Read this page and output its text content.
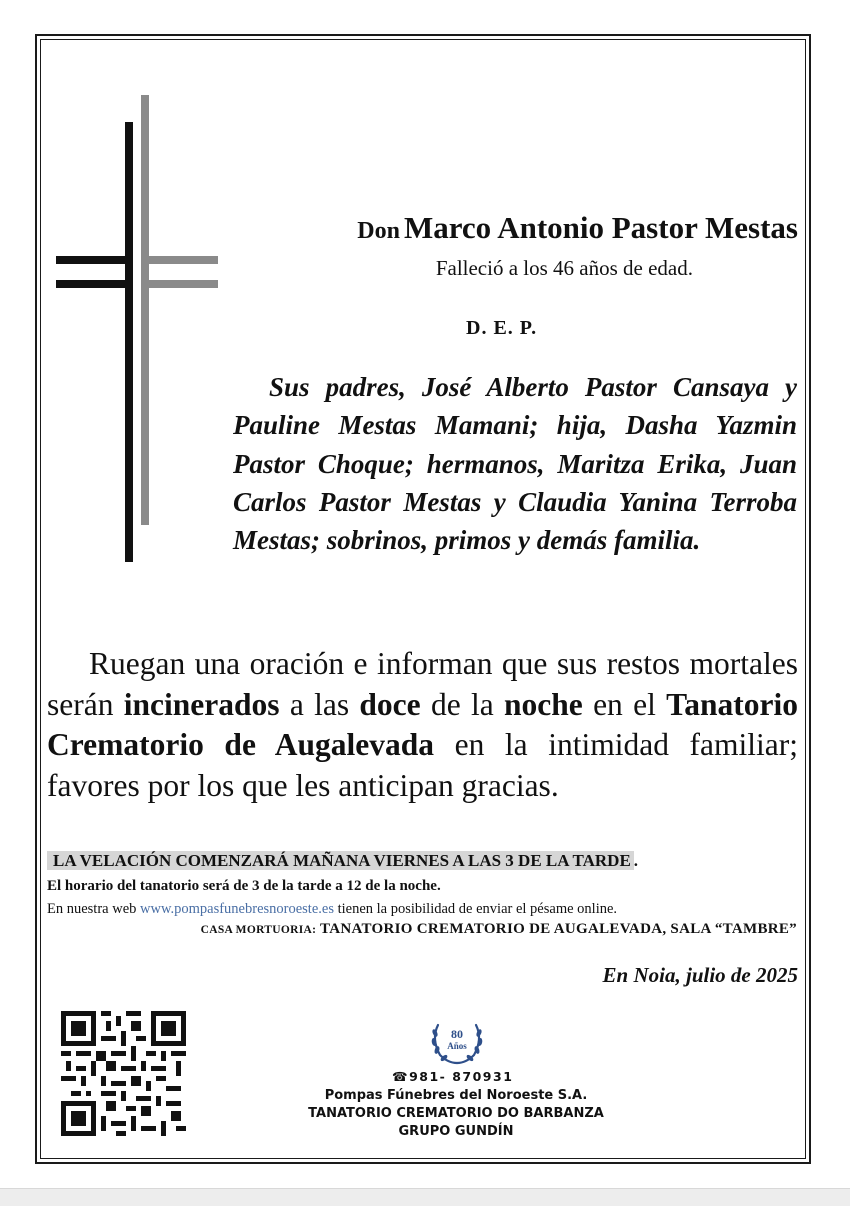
Don Marco Antonio Pastor Mestas
Falleció a los 46 años de edad.
D. E. P.

Sus padres, José Alberto Pastor Cansaya y Pauline Mestas Mamani; hija, Dasha Yazmin Pastor Choque; hermanos, Maritza Erika, Juan Carlos Pastor Mestas y Claudia Yanina Terroba Mestas; sobrinos, primos y demás familia.

Ruegan una oración e informan que sus restos mortales serán incinerados a las doce de la noche en el Tanatorio Crematorio de Augalevada en la intimidad familiar; favores por los que les anticipan gracias.

LA VELACIÓN COMENZARÁ MAÑANA VIERNES A LAS 3 DE LA TARDE .
El horario del tanatorio será de 3 de la tarde a 12 de la noche.
En nuestra web www.pompasfunebresnoroeste.es tienen la posibilidad de enviar el pésame online.
CASA MORTUORIA: TANATORIO CREMATORIO DE AUGALEVADA, SALA “TAMBRE”
En Noia, julio de 2025
80
Años
☎981- 870931
Pompas Fúnebres del Noroeste S.A.
TANATORIO CREMATORIO DO BARBANZA
GRUPO GUNDÍN
